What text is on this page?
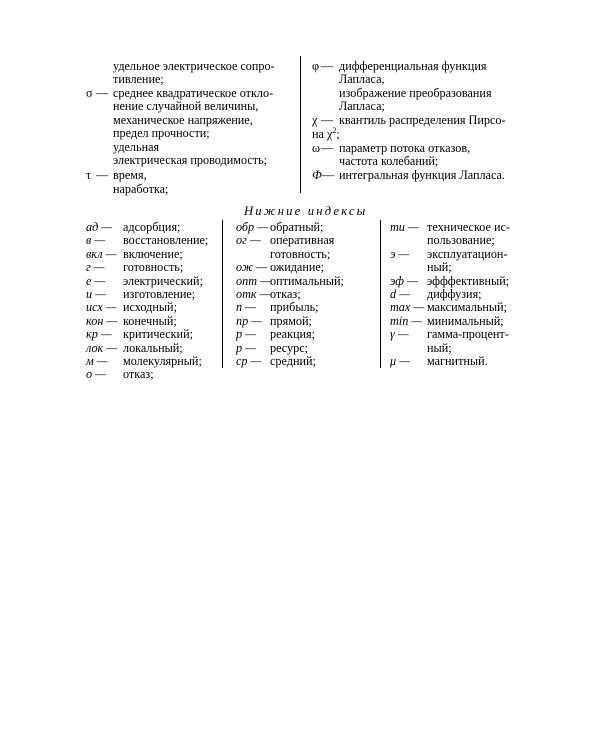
удельное электрическое сопро-
тивление;
σ — среднее квадратическое откло-
нение случайной величины,
механическое напряжение,
предел прочности;
удельная
электрическая проводимость;
τ — время,
наработка;
φ — дифференциальная функция
Лапласа,
изображение преобразования
Лапласа;
χ — квантиль распределения Пирсо-
на $\chi^2$;
ω — параметр потока отказов,
частота колебаний;
Ф — интегральная функция Лапласа.
Нижние индексы
ад — адсорбция;
в — восстановление;
вкл — включение;
г — готовность;
е — электрический;
и — изготовление;
исх — исходный;
кон — конечный;
кр — критический;
лок — локальный;
м — молекулярный;
о — отказ;
обр — обратный;
ог — оперативная
готовность;
ож — ожидание;
опт — оптимальный;
отк — отказ;
п — прибыль;
пр — прямой;
р — реакция;
р — ресурс;
ср — средний;
ти — техническое ис-
пользование;
э — эксплуатацион-
ный;
эф — эфффективный;
d — диффузия;
max — максимальный;
min — минимальный;
γ — гамма-процент-
ный;
μ — магнитный.
